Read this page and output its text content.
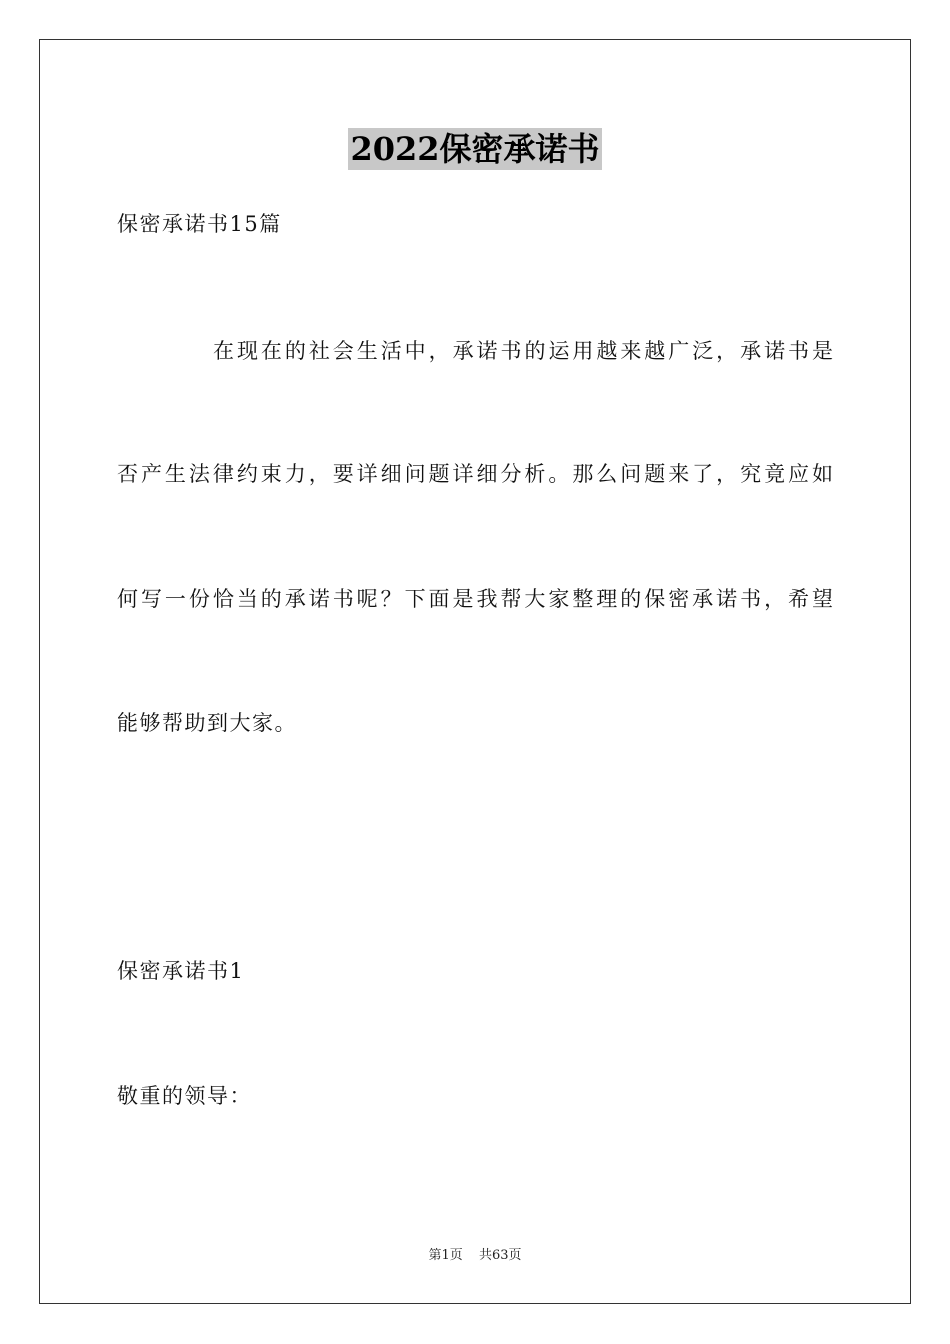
2022保密承诺书
保密承诺书15篇
在现在的社会生活中，承诺书的运用越来越广泛，承诺书是
否产生法律约束力，要详细问题详细分析。那么问题来了，究竟应如
何写一份恰当的承诺书呢？下面是我帮大家整理的保密承诺书，希望
能够帮助到大家。
保密承诺书1
敬重的领导：
第1页 共63页
